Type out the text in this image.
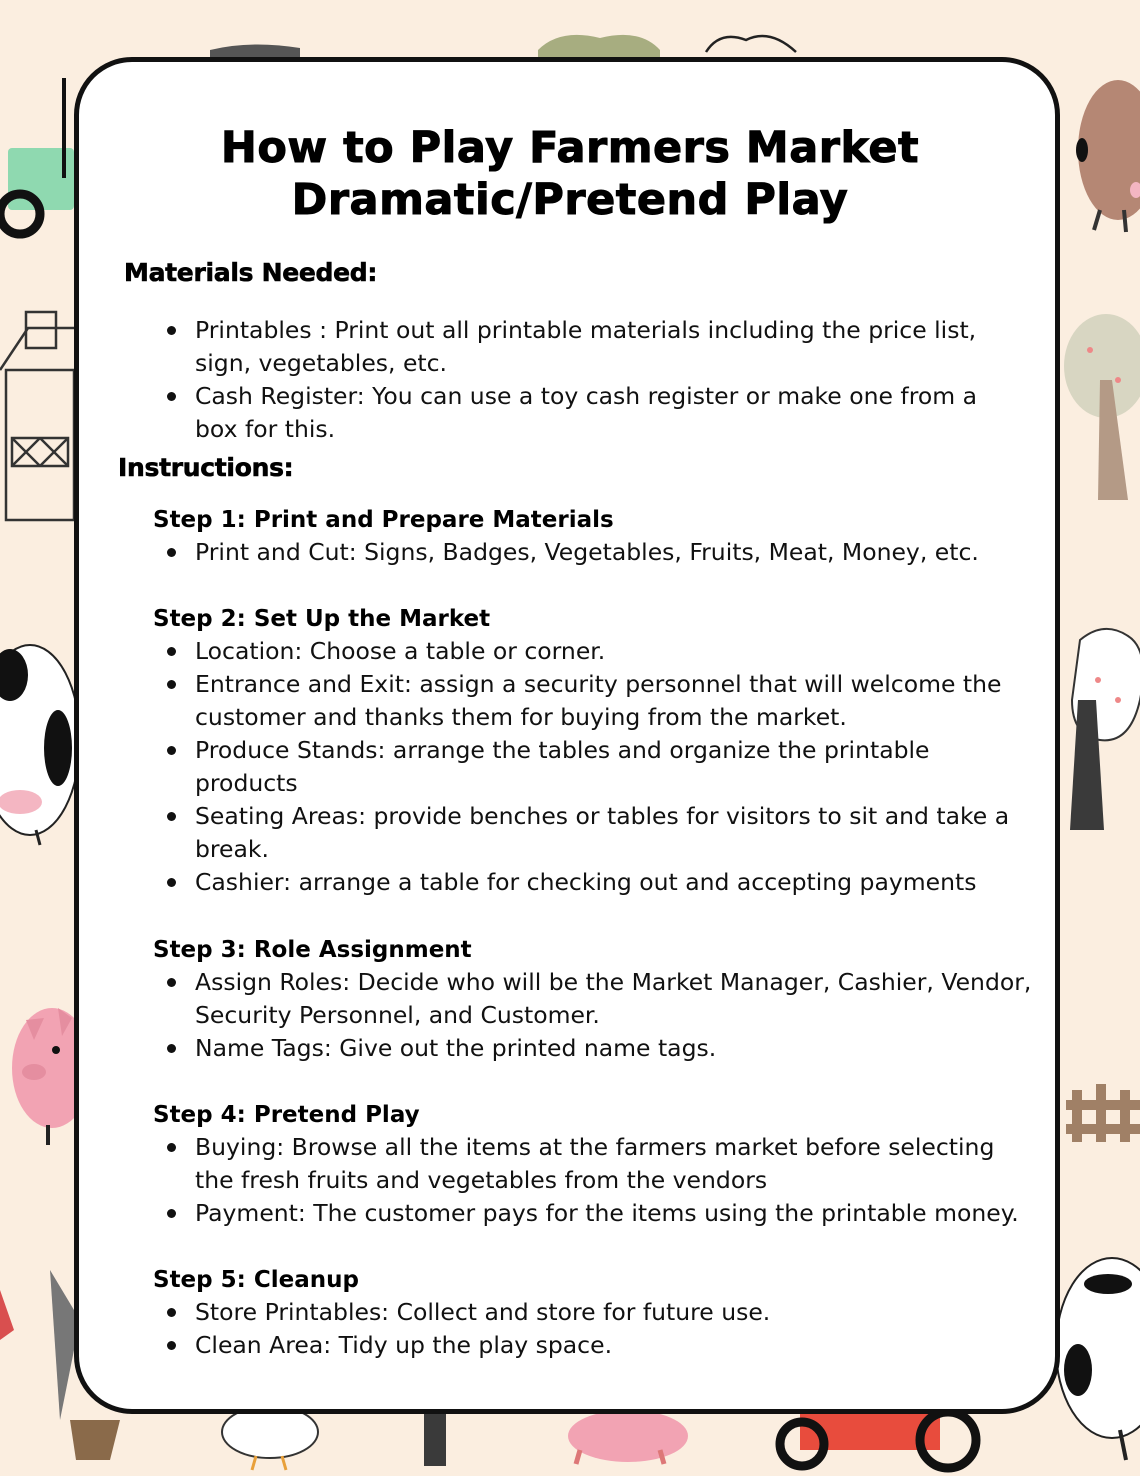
How to Play Farmers Market
Dramatic/Pretend Play
Materials Needed:
Printables : Print out all printable materials including the price list, sign, vegetables, etc.
Cash Register: You can use a toy cash register or make one from a box for this.
Instructions:
Step 1: Print and Prepare Materials
Print and Cut: Signs, Badges, Vegetables, Fruits, Meat, Money, etc.
Step 2: Set Up the Market
Location: Choose a table or corner.
Entrance and Exit: assign a security personnel that will welcome the customer and thanks them for buying from the market.
Produce Stands: arrange the tables and organize the printable products
Seating Areas: provide benches or tables for visitors to sit and take a break.
Cashier: arrange a table for checking out and accepting payments
Step 3: Role Assignment
Assign Roles: Decide who will be the Market Manager, Cashier, Vendor, Security Personnel, and Customer.
Name Tags: Give out the printed name tags.
Step 4: Pretend Play
Buying: Browse all the items at the farmers market before selecting the fresh fruits and vegetables from the vendors
Payment: The customer pays for the items using the printable money.
Step 5: Cleanup
Store Printables: Collect and store for future use.
Clean Area: Tidy up the play space.
